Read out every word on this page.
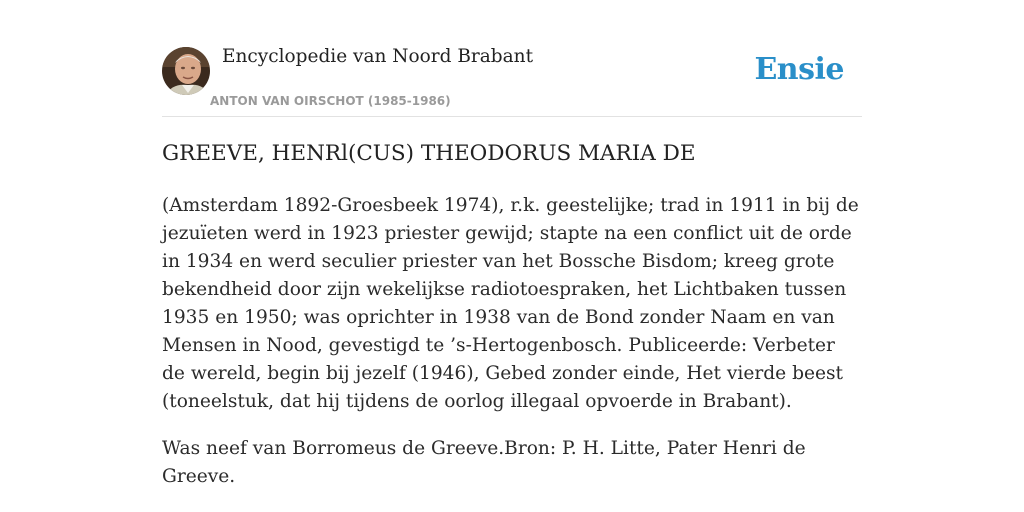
Encyclopedie van Noord Brabant
ANTON VAN OIRSCHOT (1985-1986)
Ensie
GREEVE, HENRl(CUS) THEODORUS MARIA DE

(Amsterdam 1892-Groesbeek 1974), r.k. geestelijke; trad in 1911 in bij de jezuïeten werd in 1923 priester gewijd; stapte na een conflict uit de orde in 1934 en werd seculier priester van het Bossche Bisdom; kreeg grote bekendheid door zijn wekelijkse radiotoespraken, het Lichtbaken tussen 1935 en 1950; was oprichter in 1938 van de Bond zonder Naam en van Mensen in Nood, gevestigd te ’s-Hertogenbosch. Publiceerde: Verbeter de wereld, begin bij jezelf (1946), Gebed zonder einde, Het vierde beest (toneelstuk, dat hij tijdens de oorlog illegaal opvoerde in Brabant).

Was neef van Borromeus de Greeve.Bron: P. H. Litte, Pater Henri de Greeve.
